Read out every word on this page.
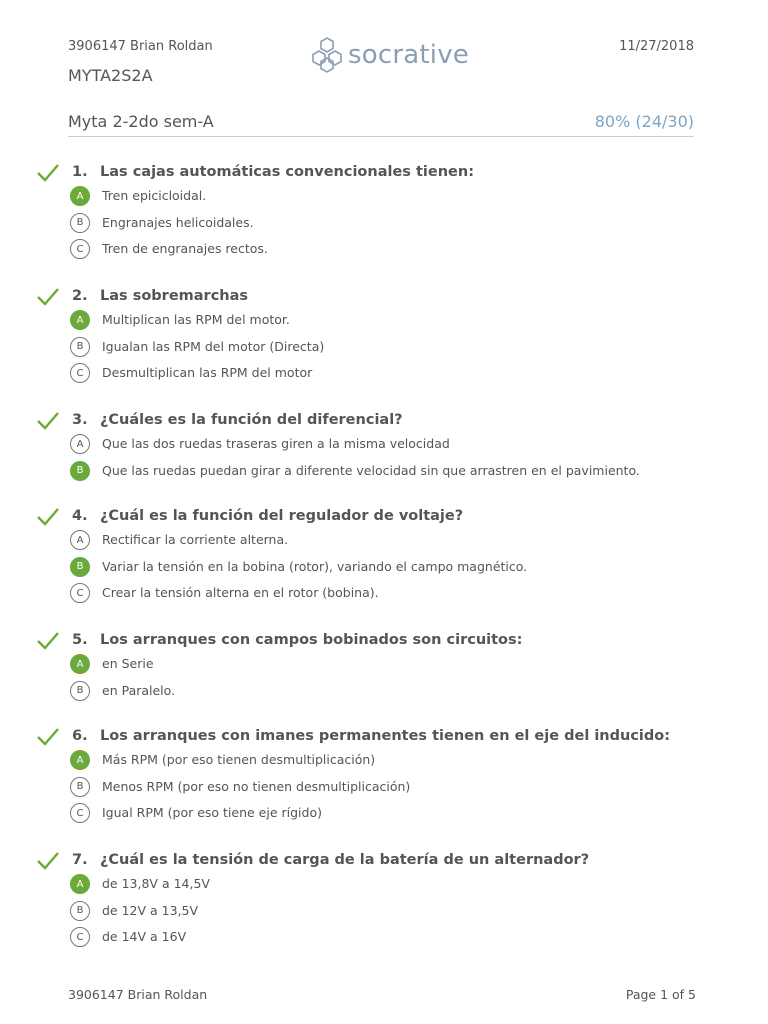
3906147 Brian Roldan
MYTA2S2A
socrative	11/27/2018
Myta 2-2do sem-A	80% (24/30)
1. Las cajas automáticas convencionales tienen:
A	Tren epicicloidal.
B	Engranajes helicoidales.
C	Tren de engranajes rectos.
2. Las sobremarchas
A	Multiplican las RPM del motor.
B	Igualan las RPM del motor (Directa)
C	Desmultiplican las RPM del motor
3. ¿Cuáles es la función del diferencial?
A	Que las dos ruedas traseras giren a la misma velocidad
B	Que las ruedas puedan girar a diferente velocidad sin que arrastren en el pavimiento.
4. ¿Cuál es la función del regulador de voltaje?
A	Rectificar la corriente alterna.
B	Variar la tensión en la bobina (rotor), variando el campo magnético.
C	Crear la tensión alterna en el rotor (bobina).
5. Los arranques con campos bobinados son circuitos:
A	en Serie
B	en Paralelo.
6. Los arranques con imanes permanentes tienen en el eje del inducido:
A	Más RPM (por eso tienen desmultiplicación)
B	Menos RPM (por eso no tienen desmultiplicación)
C	Igual RPM (por eso tiene eje rígido)
7. ¿Cuál es la tensión de carga de la batería de un alternador?
A	de 13,8V a 14,5V
B	de 12V a 13,5V
C	de 14V a 16V
3906147 Brian Roldan	Page 1 of 5
